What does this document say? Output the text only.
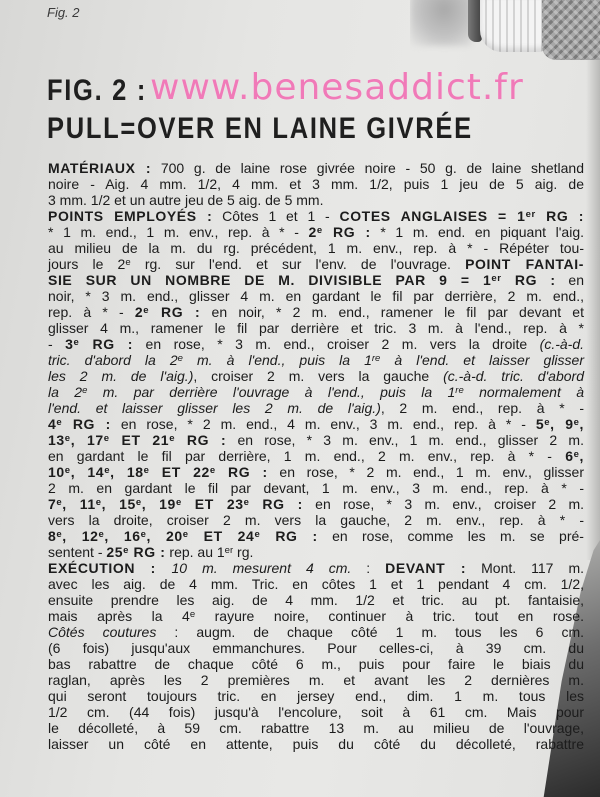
Fig. 2
FIG. 2 : www.benesaddict.fr
PULL=OVER EN LAINE GIVRÉE
MATÉRIAUX : 700 g. de laine rose givrée noire - 50 g. de laine shetland
noire - Aig. 4 mm. 1/2, 4 mm. et 3 mm. 1/2, puis 1 jeu de 5 aig. de
3 mm. 1/2 et un autre jeu de 5 aig. de 5 mm.
POINTS EMPLOYÉS : Côtes 1 et 1 - COTES ANGLAISES = 1er RG :
* 1 m. end., 1 m. env., rep. à * - 2e RG : * 1 m. end. en piquant l'aig.
au milieu de la m. du rg. précédent, 1 m. env., rep. à * - Répéter tou-
jours le 2e rg. sur l'end. et sur l'env. de l'ouvrage. POINT FANTAI-
SIE SUR UN NOMBRE DE M. DIVISIBLE PAR 9 = 1er RG : en
noir, * 3 m. end., glisser 4 m. en gardant le fil par derrière, 2 m. end.,
rep. à * - 2e RG : en noir, * 2 m. end., ramener le fil par devant et
glisser 4 m., ramener le fil par derrière et tric. 3 m. à l'end., rep. à *
- 3e RG : en rose, * 3 m. end., croiser 2 m. vers la droite (c.-à-d.
tric. d'abord la 2e m. à l'end., puis la 1re à l'end. et laisser glisser
les 2 m. de l'aig.), croiser 2 m. vers la gauche (c.-à-d. tric. d'abord
la 2e m. par derrière l'ouvrage à l'end., puis la 1re normalement à
l'end. et laisser glisser les 2 m. de l'aig.), 2 m. end., rep. à * -
4e RG : en rose, * 2 m. end., 4 m. env., 3 m. end., rep. à * - 5e, 9e,
13e, 17e ET 21e RG : en rose, * 3 m. env., 1 m. end., glisser 2 m.
en gardant le fil par derrière, 1 m. end., 2 m. env., rep. à * - 6e,
10e, 14e, 18e ET 22e RG : en rose, * 2 m. end., 1 m. env., glisser
2 m. en gardant le fil par devant, 1 m. env., 3 m. end., rep. à * -
7e, 11e, 15e, 19e ET 23e RG : en rose, * 3 m. env., croiser 2 m.
vers la droite, croiser 2 m. vers la gauche, 2 m. env., rep. à * -
8e, 12e, 16e, 20e ET 24e RG : en rose, comme les m. se pré-
sentent - 25e RG : rep. au 1er rg.
EXÉCUTION : 10 m. mesurent 4 cm. : DEVANT : Mont. 117 m.
avec les aig. de 4 mm. Tric. en côtes 1 et 1 pendant 4 cm. 1/2,
ensuite prendre les aig. de 4 mm. 1/2 et tric. au pt. fantaisie,
mais après la 4e rayure noire, continuer à tric. tout en rose.
Côtés coutures : augm. de chaque côté 1 m. tous les 6 cm.
(6 fois) jusqu'aux emmanchures. Pour celles-ci, à 39 cm. du
bas rabattre de chaque côté 6 m., puis pour faire le biais du
raglan, après les 2 premières m. et avant les 2 dernières m.
qui seront toujours tric. en jersey end., dim. 1 m. tous les
1/2 cm. (44 fois) jusqu'à l'encolure, soit à 61 cm. Mais pour
le décolleté, à 59 cm. rabattre 13 m. au milieu de l'ouvrage,
laisser un côté en attente, puis du côté du décolleté, rabattre
